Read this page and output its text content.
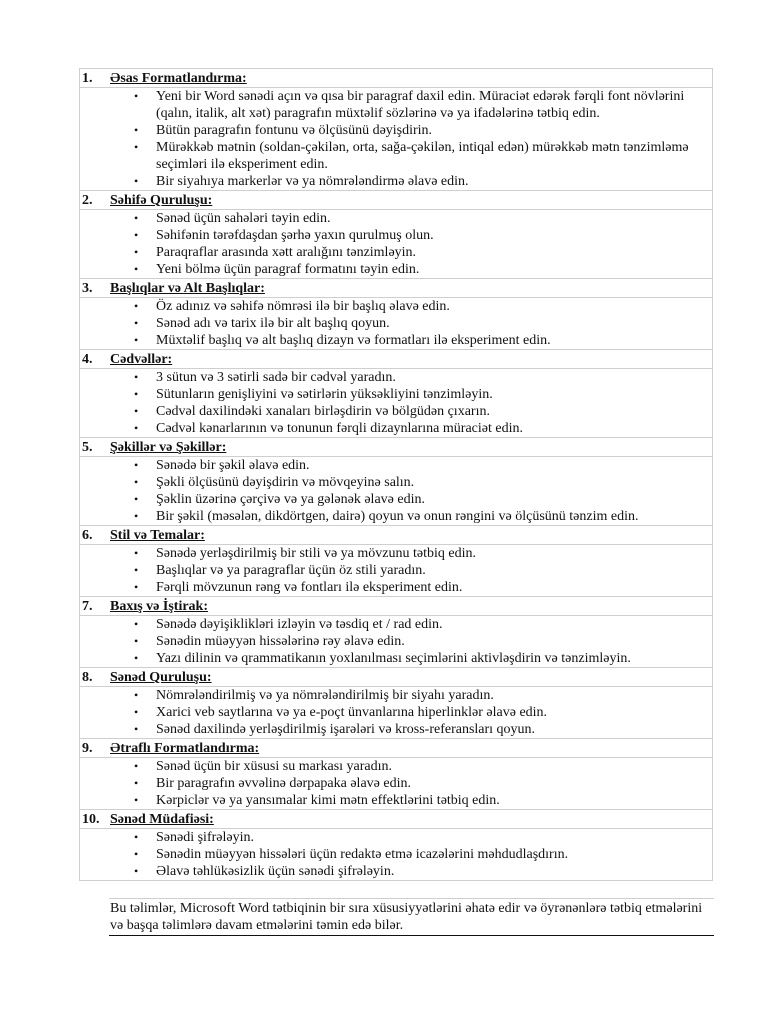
1. Əsas Formatlandırma:

• Yeni bir Word sənədi açın və qısa bir paragraf daxil edin. Müraciət edərək fərqli font növlərini (qalın, italik, alt xət) paragrafın müxtəlif sözlərinə və ya ifadələrinə tətbiq edin.
• Bütün paragrafın fontunu və ölçüsünü dəyişdirin.
• Mürəkkəb mətnin (soldan-çəkilən, orta, sağa-çəkilən, intiqal edən) mürəkkəb mətn tənzimləmə seçimləri ilə eksperiment edin.
• Bir siyahıya markerlər və ya nömrələndirmə əlavə edin.

2. Səhifə Quruluşu:

• Sənəd üçün sahələri təyin edin.
• Səhifənin tərəfdaşdan şərhə yaxın qurulmuş olun.
• Paraqraflar arasında xətt aralığını tənzimləyin.
• Yeni bölmə üçün paragraf formatını təyin edin.

3. Başlıqlar və Alt Başlıqlar:

• Öz adınız və səhifə nömrəsi ilə bir başlıq əlavə edin.
• Sənəd adı və tarix ilə bir alt başlıq qoyun.
• Müxtəlif başlıq və alt başlıq dizayn və formatları ilə eksperiment edin.

4. Cədvəllər:

• 3 sütun və 3 sətirli sadə bir cədvəl yaradın.
• Sütunların genişliyini və sətirlərin yüksəkliyini tənzimləyin.
• Cədvəl daxilindəki xanaları birləşdirin və bölgüdən çıxarın.
• Cədvəl kənarlarının və tonunun fərqli dizaynlarına müraciət edin.

5. Şəkillər və Şəkillər:

• Sənədə bir şəkil əlavə edin.
• Şəkli ölçüsünü dəyişdirin və mövqeyinə salın.
• Şəklin üzərinə çərçivə və ya gələnək əlavə edin.
• Bir şəkil (məsələn, dikdörtgen, dairə) qoyun və onun rəngini və ölçüsünü tənzim edin.

6. Stil və Temalar:

• Sənədə yerləşdirilmiş bir stili və ya mövzunu tətbiq edin.
• Başlıqlar və ya paragraflar üçün öz stili yaradın.
• Fərqli mövzunun rəng və fontları ilə eksperiment edin.

7. Baxış və İştirak:

• Sənədə dəyişiklikləri izləyin və təsdiq et / rad edin.
• Sənədin müəyyən hissələrinə rəy əlavə edin.
• Yazı dilinin və qrammatikanın yoxlanılması seçimlərini aktivləşdirin və tənzimləyin.

8. Sənəd Quruluşu:

• Nömrələndirilmiş və ya nömrələndirilmiş bir siyahı yaradın.
• Xarici veb saytlarına və ya e-poçt ünvanlarına hiperlinklər əlavə edin.
• Sənəd daxilində yerləşdirilmiş işarələri və kross-referansları qoyun.

9. Ətraflı Formatlandırma:

• Sənəd üçün bir xüsusi su markası yaradın.
• Bir paragrafın əvvəlinə dərpapaka əlavə edin.
• Kərpiclər və ya yansımalar kimi mətn effektlərini tətbiq edin.

10. Sənəd Müdafiəsi:

• Sənədi şifrələyin.
• Sənədin müəyyən hissələri üçün redaktə etmə icazələrini məhdudlaşdırın.
• Əlavə təhlükəsizlik üçün sənədi şifrələyin.
Bu təlimlər, Microsoft Word tətbiqinin bir sıra xüsusiyyətlərini əhatə edir və öyrənənlərə tətbiq etmələrini və başqa təlimlərə davam etmələrini təmin edə bilər.
